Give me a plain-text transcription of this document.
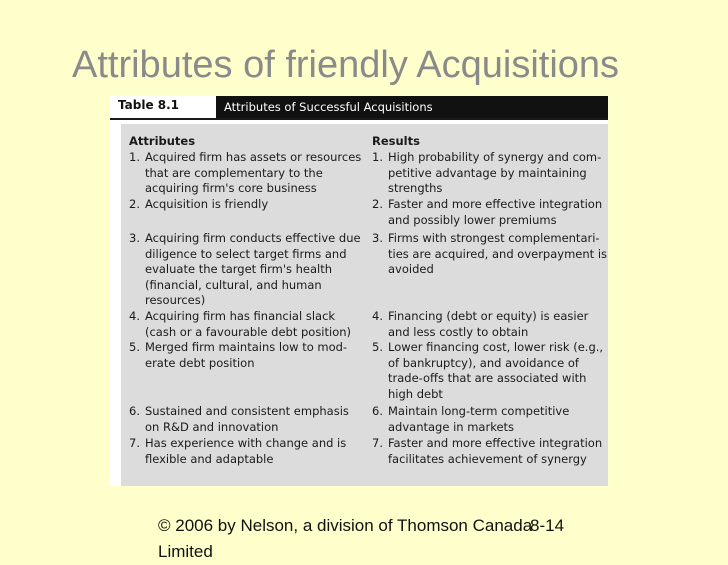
Attributes of friendly Acquisitions
Table 8.1	Attributes of Successful Acquisitions
Attributes
1. Acquired firm has assets or resources
that are complementary to the
acquiring firm's core business
2. Acquisition is friendly
3. Acquiring firm conducts effective due
diligence to select target firms and
evaluate the target firm's health
(financial, cultural, and human
resources)
4. Acquiring firm has financial slack
(cash or a favourable debt position)
5. Merged firm maintains low to mod-
erate debt position
6. Sustained and consistent emphasis
on R&D and innovation
7. Has experience with change and is
flexible and adaptable
Results
1. High probability of synergy and com-
petitive advantage by maintaining
strengths
2. Faster and more effective integration
and possibly lower premiums
3. Firms with strongest complementari-
ties are acquired, and overpayment is
avoided
4. Financing (debt or equity) is easier
and less costly to obtain
5. Lower financing cost, lower risk (e.g.,
of bankruptcy), and avoidance of
trade-offs that are associated with
high debt
6. Maintain long-term competitive
advantage in markets
7. Faster and more effective integration
facilitates achievement of synergy
© 2006 by Nelson, a division of Thomson Canada Limited
8-14
